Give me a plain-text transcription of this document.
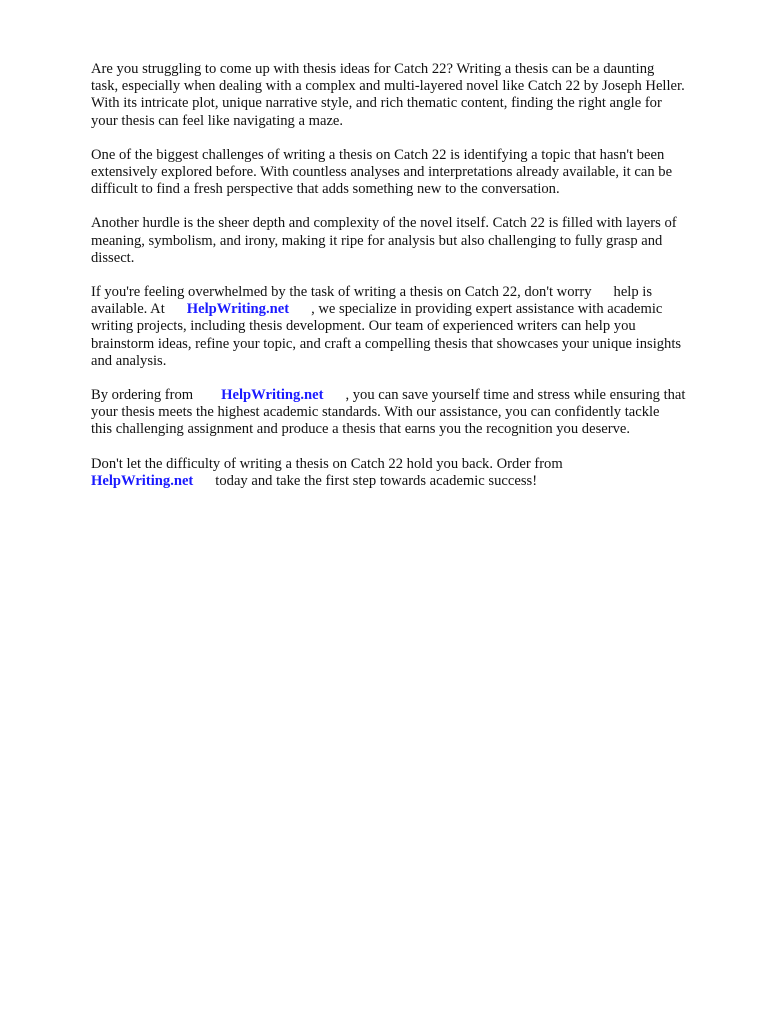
Are you struggling to come up with thesis ideas for Catch 22? Writing a thesis can be a daunting
task, especially when dealing with a complex and multi-layered novel like Catch 22 by Joseph Heller.
With its intricate plot, unique narrative style, and rich thematic content, finding the right angle for
your thesis can feel like navigating a maze.

One of the biggest challenges of writing a thesis on Catch 22 is identifying a topic that hasn't been
extensively explored before. With countless analyses and interpretations already available, it can be
difficult to find a fresh perspective that adds something new to the conversation.

Another hurdle is the sheer depth and complexity of the novel itself. Catch 22 is filled with layers of
meaning, symbolism, and irony, making it ripe for analysis but also challenging to fully grasp and
dissect.

If you're feeling overwhelmed by the task of writing a thesis on Catch 22, don't worry help is
available. At HelpWriting.net , we specialize in providing expert assistance with academic
writing projects, including thesis development. Our team of experienced writers can help you
brainstorm ideas, refine your topic, and craft a compelling thesis that showcases your unique insights
and analysis.

By ordering from HelpWriting.net , you can save yourself time and stress while ensuring that
your thesis meets the highest academic standards. With our assistance, you can confidently tackle
this challenging assignment and produce a thesis that earns you the recognition you deserve.

Don't let the difficulty of writing a thesis on Catch 22 hold you back. Order from
HelpWriting.net today and take the first step towards academic success!
